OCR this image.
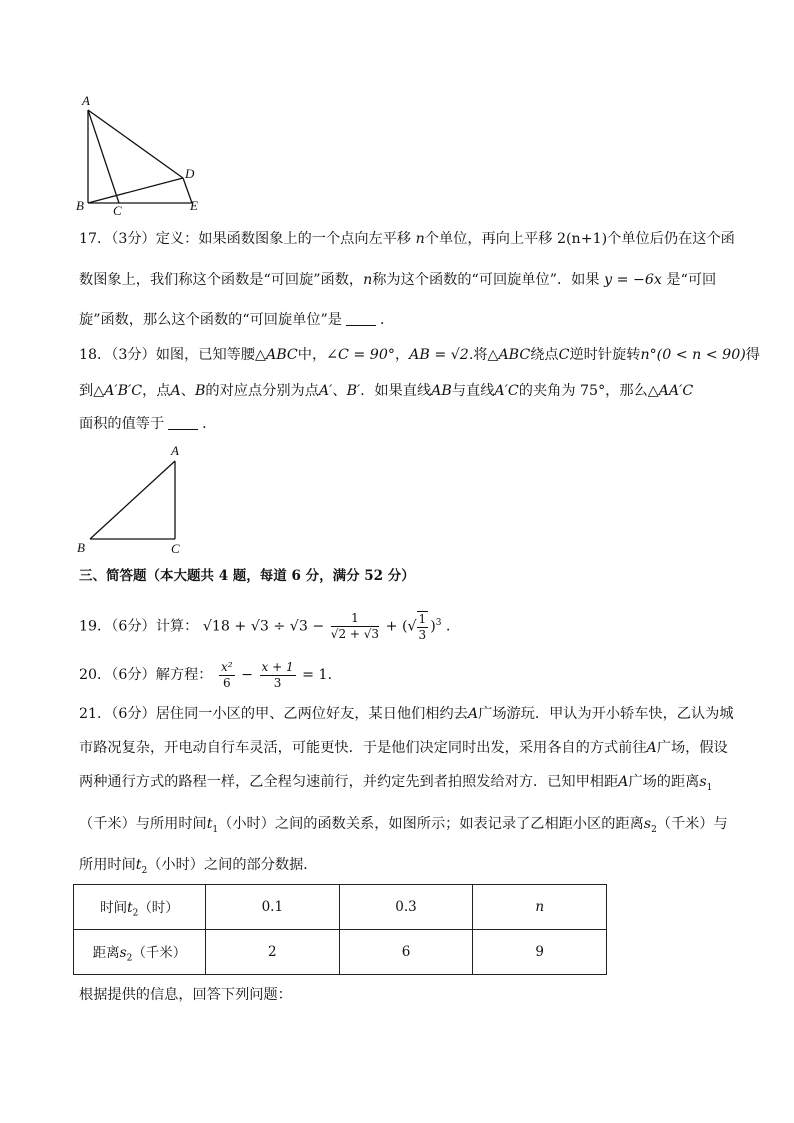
A
B C
D
E
17．（3分）定义：如果函数图象上的一个点向左平移 n个单位，再向上平移 2(n+1)个单位后仍在这个函
数图象上，我们称这个函数是“可回旋”函数，n称为这个函数的“可回旋单位”．如果 y = −6x 是“可回
旋”函数，那么这个函数的“可回旋单位”是	．
18．（3分）如图，已知等腰△ABC中，∠C = 90°，AB = √2.将△ABC绕点C逆时针旋转n°(0 < n < 90)得
到△A′B′C，点A、B的对应点分别为点A′、B′．如果直线AB与直线A′C的夹角为 75°，那么△AA′C
面积的值等于	．
A
B	C
三、简答题（本大题共 4 题，每道 6 分，满分 52 分）
19．（6分）计算： $√18 + √3 \div √3 - \frac{1}{√2 + √3}$ + (√ $\frac{1}{3} )^3$ ．
20．（6分）解方程： $\frac{\text{x²}}{6} - \frac{x + 1}{3} = 1$．
21．（6分）居住同一小区的甲、乙两位好友，某日他们相约去A广场游玩．甲认为开小轿车快，乙认为城
市路况复杂，开电动自行车灵活，可能更快．于是他们决定同时出发，采用各自的方式前往A广场，假设
两种通行方式的路程一样，乙全程匀速前行，并约定先到者拍照发给对方．已知甲相距A广场的距离$s_1$
（千米）与所用时间$t_1$（小时）之间的函数关系，如图所示；如表记录了乙相距小区的距离$s_2$（千米）与
所用时间$t_2$（小时）之间的部分数据．
时间$t_2$（时）	0.1	0.3	n
距离$s_2$（千米）	2	6	9
根据提供的信息，回答下列问题：
